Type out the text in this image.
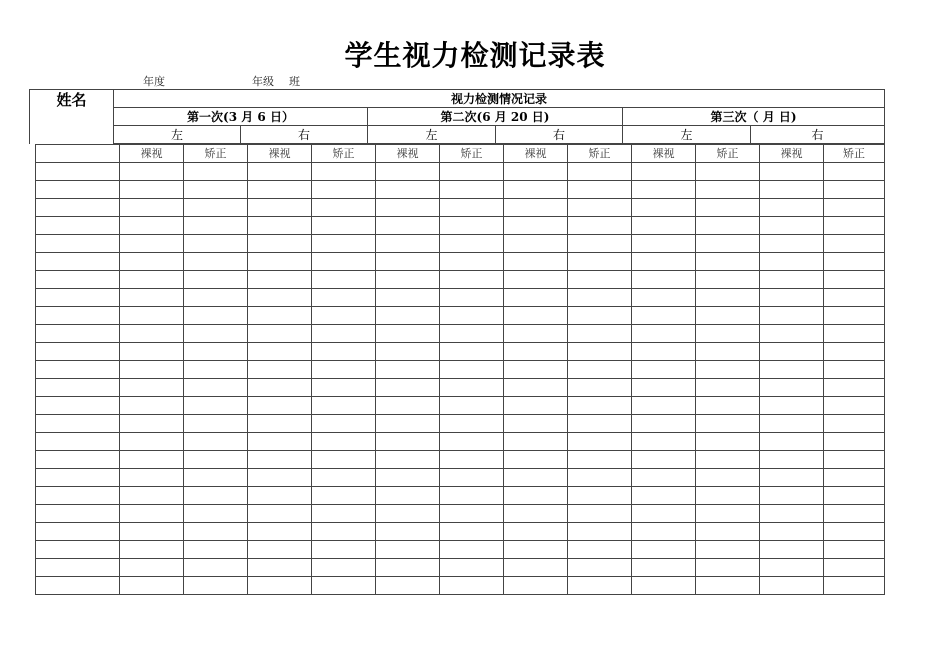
学生视力检测记录表
年度	年级 班
姓名	视力检测情况记录					
	第一次(3 月 6 日）		第二次(6 月 20 日)		第三次（ 月 日)	
	左	右	左	右	左	右
	裸视	矫正	裸视	矫正	裸视	矫正	裸视	矫正	裸视	矫正	裸视	矫正
